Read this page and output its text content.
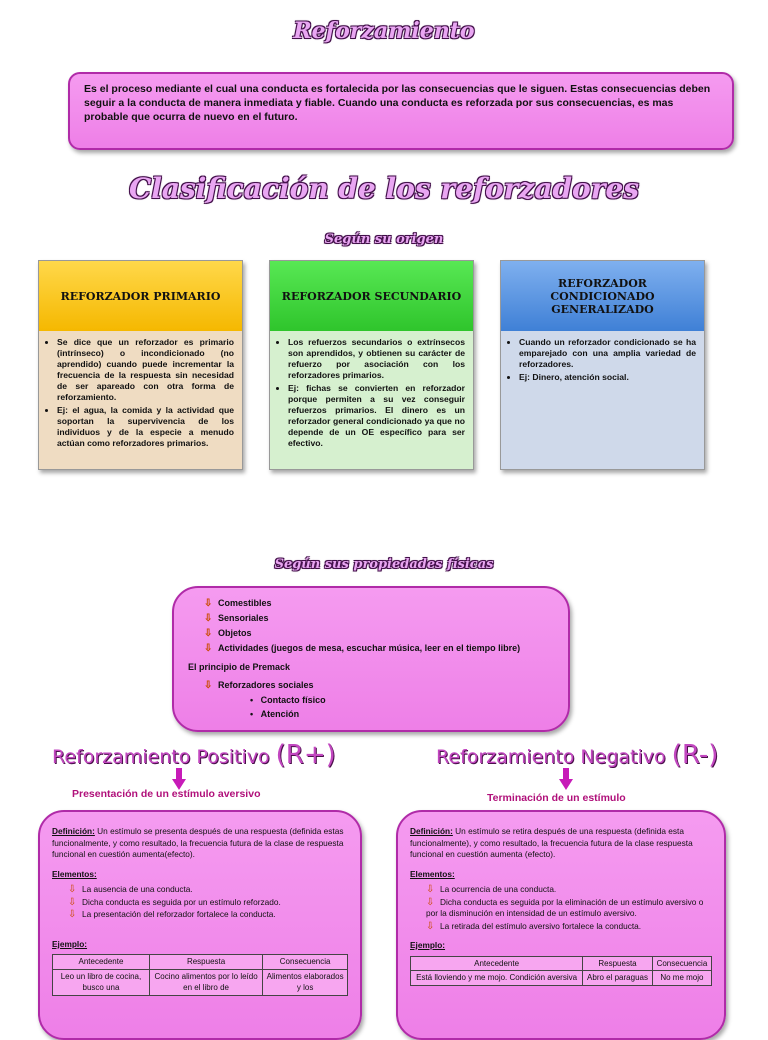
Reforzamiento
Es el proceso mediante el cual una conducta es fortalecida por las consecuencias que le siguen. Estas consecuencias deben seguir a la conducta de manera inmediata y fiable. Cuando una conducta es reforzada por sus consecuencias, es mas probable que ocurra de nuevo en el futuro.
Clasificación de los reforzadores
Según su origen
REFORZADOR PRIMARIO
• Se dice que un reforzador es primario (intrínseco) o incondicionado (no aprendido) cuando puede incrementar la frecuencia de la respuesta sin necesidad de ser apareado con otra forma de reforzamiento.
• Ej: el agua, la comida y la actividad que soportan la supervivencia de los individuos y de la especie a menudo actúan como reforzadores primarios.
REFORZADOR SECUNDARIO
• Los refuerzos secundarios o extrínsecos son aprendidos, y obtienen su carácter de refuerzo por asociación con los reforzadores primarios.
• Ej: fichas se convierten en reforzador porque permiten a su vez conseguir refuerzos primarios. El dinero es un reforzador general condicionado ya que no depende de un OE específico para ser efectivo.
REFORZADOR CONDICIONADO GENERALIZADO
• Cuando un reforzador condicionado se ha emparejado con una amplia variedad de reforzadores.
• Ej: Dinero, atención social.
Según sus propiedades físicas
⇩ Comestibles
⇩ Sensoriales
⇩ Objetos
⇩ Actividades (juegos de mesa, escuchar música, leer en el tiempo libre)
El principio de Premack
⇩ Reforzadores sociales
•   Contacto físico
•   Atención
Reforzamiento Positivo (R+)
Presentación de un estímulo aversivo
Reforzamiento Negativo (R-)
Terminación de un estímulo
Definición: Un estímulo se presenta después de una respuesta (definida estas funcionalmente, y como resultado, la frecuencia futura de la clase de respuesta funcional en cuestión aumenta(efecto).
Elementos:
⇩ La ausencia de una conducta.
⇩ Dicha conducta es seguida por un estímulo reforzado.
⇩ La presentación del reforzador fortalece la conducta.
Ejemplo:
Antecedente	Respuesta	Consecuencia
Leo un libro de cocina, busco una	Cocino alimentos por lo leído en el libro de	Alimentos elaborados y los
Definición: Un estímulo se retira después de una respuesta (definida esta funcionalmente), y como resultado, la frecuencia futura de la clase respuesta funcional en cuestión aumenta (efecto).
Elementos:
⇩ La ocurrencia de una conducta.
⇩ Dicha conducta es seguida por la eliminación de un estímulo aversivo o por la disminución en intensidad de un estímulo aversivo.
⇩ La retirada del estímulo aversivo fortalece la conducta.
Ejemplo:
Antecedente	Respuesta	Consecuencia
Está lloviendo y me mojo. Condición aversiva	Abro el paraguas	No me mojo
